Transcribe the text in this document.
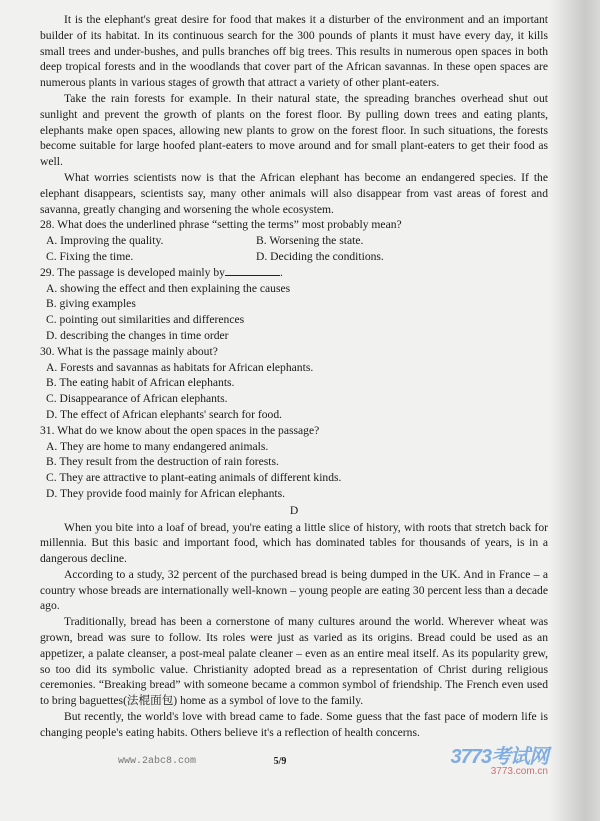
It is the elephant's great desire for food that makes it a disturber of the environment and an important builder of its habitat. In its continuous search for the 300 pounds of plants it must have every day, it kills small trees and under-bushes, and pulls branches off big trees. This results in numerous open spaces in both deep tropical forests and in the woodlands that cover part of the African savannas. In these open spaces are numerous plants in various stages of growth that attract a variety of other plant-eaters.

Take the rain forests for example. In their natural state, the spreading branches overhead shut out sunlight and prevent the growth of plants on the forest floor. By pulling down trees and eating plants, elephants make open spaces, allowing new plants to grow on the forest floor. In such situations, the forests become suitable for large hoofed plant-eaters to move around and for small plant-eaters to get their food as well.

What worries scientists now is that the African elephant has become an endangered species. If the elephant disappears, scientists say, many other animals will also disappear from vast areas of forest and savanna, greatly changing and worsening the whole ecosystem.

28. What does the underlined phrase “setting the terms” most probably mean?
A. Improving the quality.	B. Worsening the state.
C. Fixing the time.	D. Deciding the conditions.
29. The passage is developed mainly by	.
A. showing the effect and then explaining the causes
B. giving examples
C. pointing out similarities and differences
D. describing the changes in time order
30. What is the passage mainly about?
A. Forests and savannas as habitats for African elephants.
B. The eating habit of African elephants.
C. Disappearance of African elephants.
D. The effect of African elephants' search for food.
31. What do we know about the open spaces in the passage?
A. They are home to many endangered animals.
B. They result from the destruction of rain forests.
C. They are attractive to plant-eating animals of different kinds.
D. They provide food mainly for African elephants.
D

When you bite into a loaf of bread, you're eating a little slice of history, with roots that stretch back for millennia. But this basic and important food, which has dominated tables for thousands of years, is in a dangerous decline.

According to a study, 32 percent of the purchased bread is being dumped in the UK. And in France – a country whose breads are internationally well-known – young people are eating 30 percent less than a decade ago.

Traditionally, bread has been a cornerstone of many cultures around the world. Wherever wheat was grown, bread was sure to follow. Its roles were just as varied as its origins. Bread could be used as an appetizer, a palate cleanser, a post-meal palate cleaner – even as an entire meal itself. As its popularity grew, so too did its symbolic value. Christianity adopted bread as a representation of Christ during religious ceremonies. “Breaking bread” with someone became a common symbol of friendship. The French even used to bring baguettes(法棍面包) home as a symbol of love to the family.

But recently, the world's love with bread came to fade. Some guess that the fast pace of modern life is changing people's eating habits. Others believe it's a reflection of health concerns.

www.2abc8.com	5/9	3773考试网
3773.com.cn
